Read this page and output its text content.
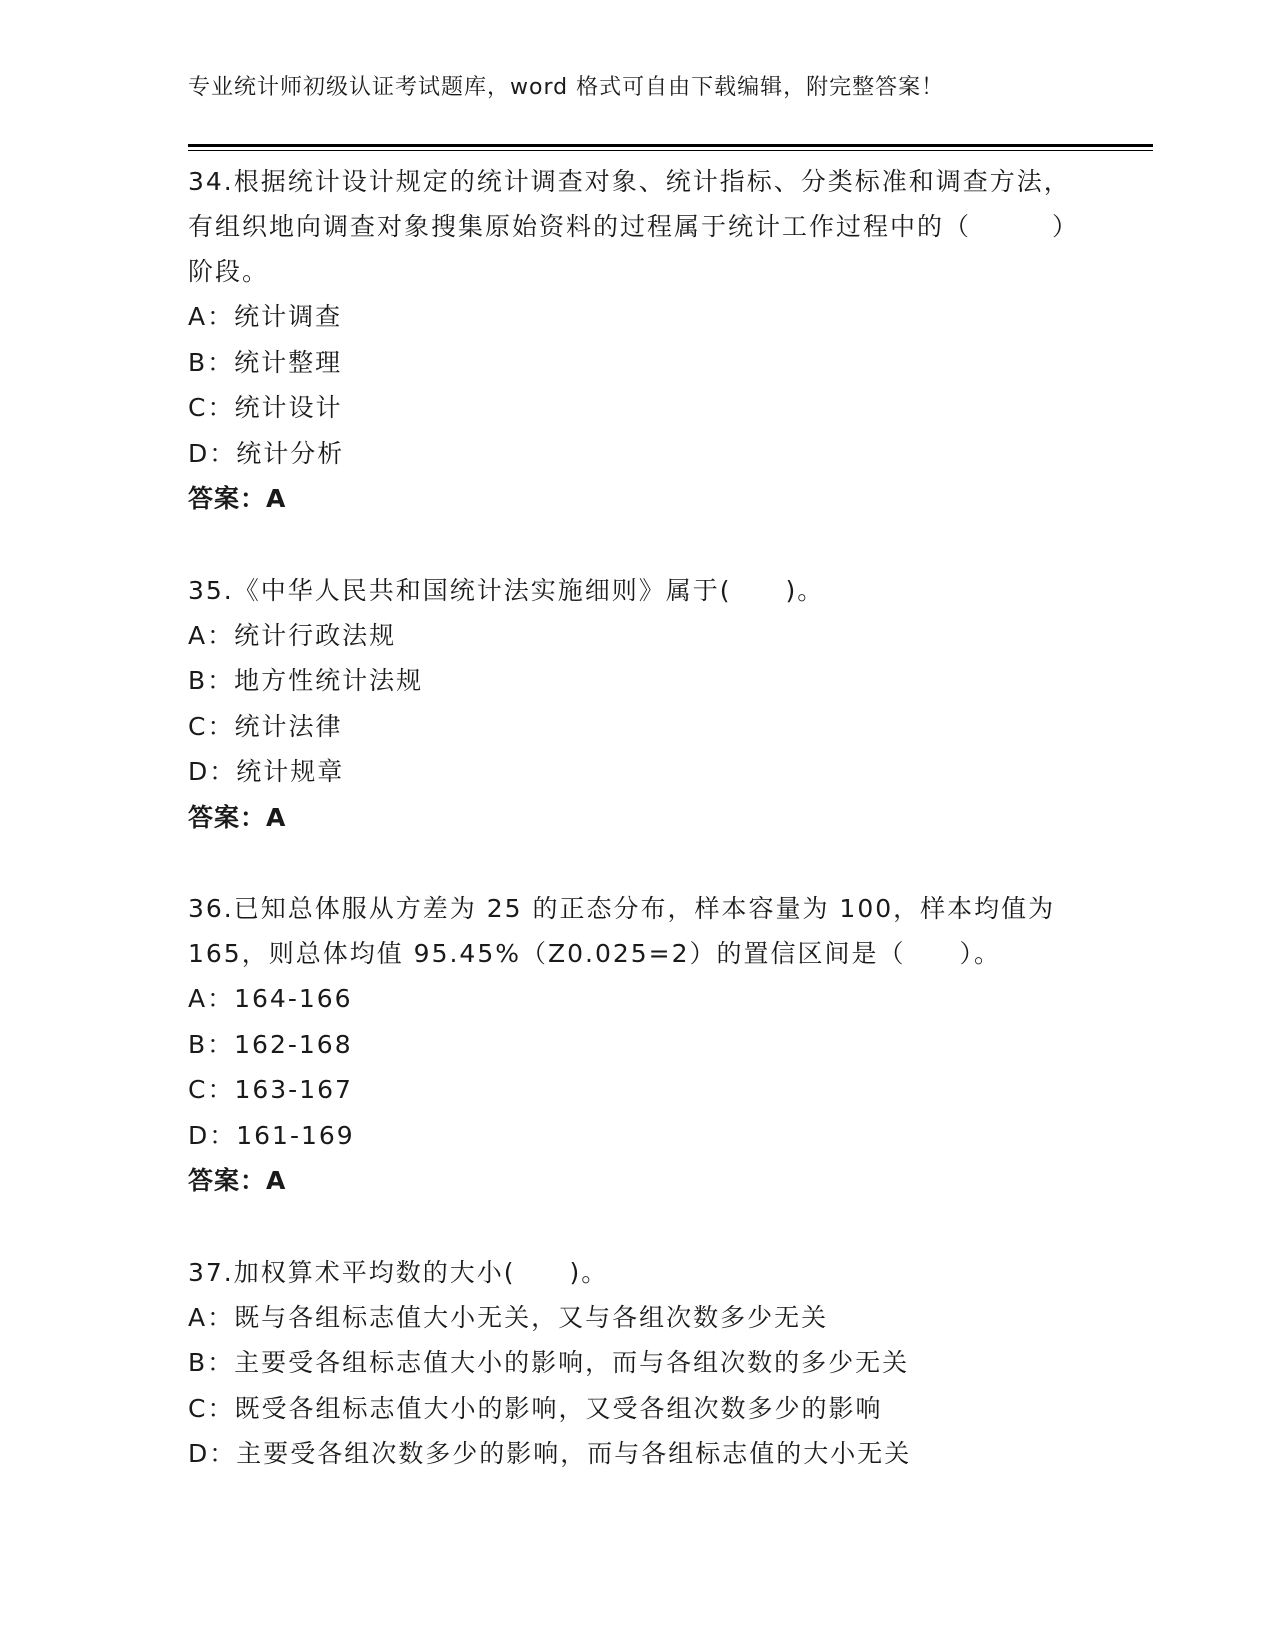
专业统计师初级认证考试题库，word 格式可自由下载编辑，附完整答案！

34.根据统计设计规定的统计调查对象、统计指标、分类标准和调查方法，有组织地向调查对象搜集原始资料的过程属于统计工作过程中的（　　　）阶段。

A：统计调查

B：统计整理

C：统计设计

D：统计分析

答案：A

35.《中华人民共和国统计法实施细则》属于(　　)。

A：统计行政法规

B：地方性统计法规

C：统计法律

D：统计规章

答案：A

36.已知总体服从方差为 25 的正态分布，样本容量为 100，样本均值为 165，则总体均值 95.45%（Z0.025=2）的置信区间是（　　）。

A：164-166

B：162-168

C：163-167

D：161-169

答案：A

37.加权算术平均数的大小(　　)。

A：既与各组标志值大小无关，又与各组次数多少无关

B：主要受各组标志值大小的影响，而与各组次数的多少无关

C：既受各组标志值大小的影响，又受各组次数多少的影响

D：主要受各组次数多少的影响，而与各组标志值的大小无关
